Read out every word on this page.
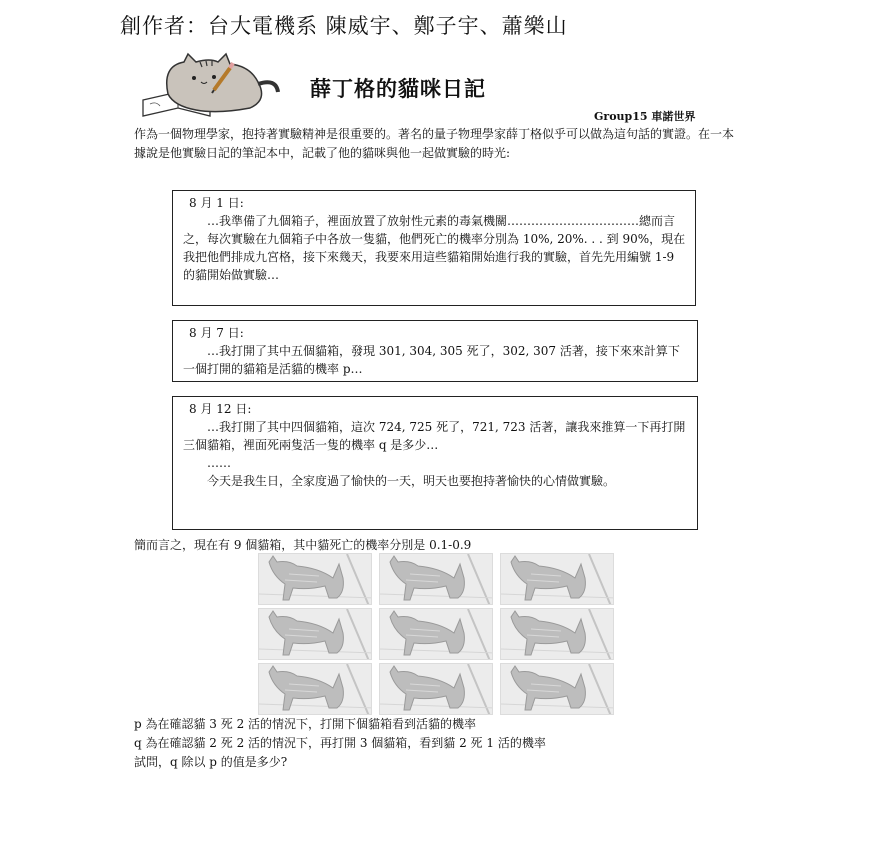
創作者：台大電機系 陳威宇、鄭子宇、蕭樂山
薛丁格的貓咪日記
Group15 車諾世界
作為一個物理學家，抱持著實驗精神是很重要的。著名的量子物理學家薛丁格似乎可以做為這句話的實證。在一本據說是他實驗日記的筆記本中，記載了他的貓咪與他一起做實驗的時光:
8 月 1 日:

…我準備了九個箱子，裡面放置了放射性元素的毒氣機關……………………………總而言之，每次實驗在九個箱子中各放一隻貓，他們死亡的機率分別為 10%, 20%. . . 到 90%，現在我把他們排成九宮格，接下來幾天，我要來用這些貓箱開始進行我的實驗，首先先用編號 1-9 的貓開始做實驗…

8 月 7 日:

…我打開了其中五個貓箱，發現 301, 304, 305 死了，302, 307 活著，接下來來計算下一個打開的貓箱是活貓的機率 p…

8 月 12 日:

…我打開了其中四個貓箱，這次 724, 725 死了，721, 723 活著，讓我來推算一下再打開三個貓箱，裡面死兩隻活一隻的機率 q 是多少…

……

今天是我生日，全家度過了愉快的一天，明天也要抱持著愉快的心情做實驗。

簡而言之，現在有 9 個貓箱，其中貓死亡的機率分別是 0.1-0.9
p 為在確認貓 3 死 2 活的情況下，打開下個貓箱看到活貓的機率
q 為在確認貓 2 死 2 活的情況下，再打開 3 個貓箱，看到貓 2 死 1 活的機率
試問，q 除以 p 的值是多少?
